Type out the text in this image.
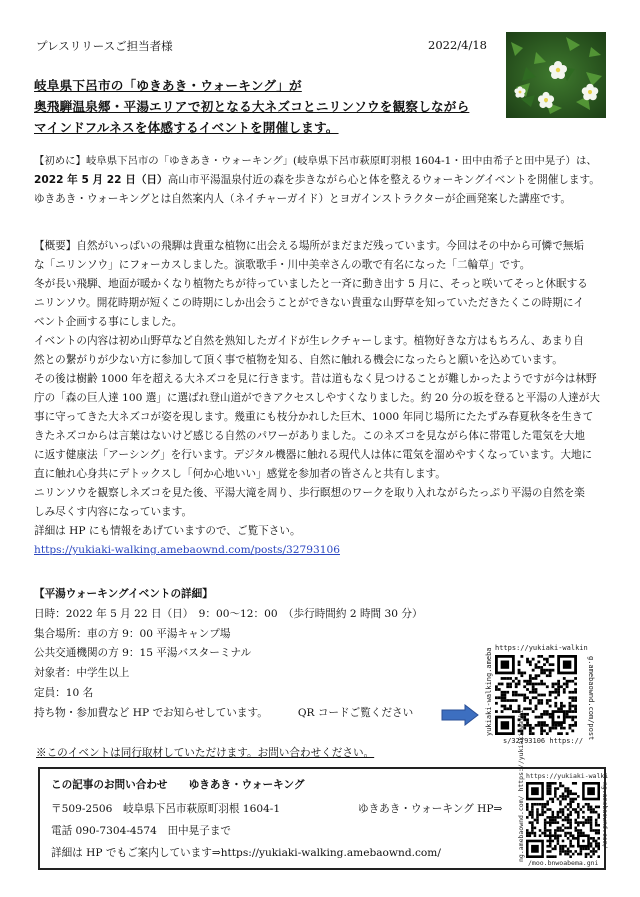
プレスリリースご担当者様	2022/4/18
岐阜県下呂市の「ゆきあき・ウォーキング」が
奥飛騨温泉郷・平湯エリアで初となる大ネズコとニリンソウを観察しながら
マインドフルネスを体感するイベントを開催します。

【初めに】岐阜県下呂市の「ゆきあき・ウォーキング」(岐阜県下呂市萩原町羽根 1604-1・田中由希子と田中晃子）は、

2022 年 5 月 22 日（日）高山市平湯温泉付近の森を歩きながら心と体を整えるウォーキングイベントを開催します。

ゆきあき・ウォーキングとは自然案内人（ネイチャーガイド）とヨガインストラクターが企画発案した講座です。

【概要】自然がいっぱいの飛騨は貴重な植物に出会える場所がまだまだ残っています。今回はその中から可憐で無垢

な「ニリンソウ」にフォーカスしました。演歌歌手・川中美幸さんの歌で有名になった「二輪草」です。

冬が長い飛騨、地面が暖かくなり植物たちが待っていましたと一斉に動き出す 5 月に、そっと咲いてそっと休眠する

ニリンソウ。開花時期が短くこの時期にしか出会うことができない貴重な山野草を知っていただきたくこの時期にイ

ベント企画する事にしました。

イベントの内容は初め山野草など自然を熟知したガイドが生レクチャーします。植物好きな方はもちろん、あまり自

然との繋がりが少ない方に参加して頂く事で植物を知る、自然に触れる機会になったらと願いを込めています。

その後は樹齢 1000 年を超える大ネズコを見に行きます。昔は道もなく見つけることが難しかったようですが今は林野

庁の「森の巨人達 100 選」に選ばれ登山道ができアクセスしやすくなりました。約 20 分の坂を登ると平湯の人達が大

事に守ってきた大ネズコが姿を現します。幾重にも枝分かれした巨木、1000 年同じ場所にたたずみ春夏秋冬を生きて

きたネズコからは言葉はないけど感じる自然のパワーがありました。このネズコを見ながら体に帯電した電気を大地

に返す健康法「アーシング」を行います。デジタル機器に触れる現代人は体に電気を溜めやすくなっています。大地に

直に触れ心身共にデトックスし「何か心地いい」感覚を参加者の皆さんと共有します。

ニリンソウを観察しネズコを見た後、平湯大滝を周り、歩行瞑想のワークを取り入れながらたっぷり平湯の自然を楽

しみ尽くす内容になっています。

詳細は HP にも情報をあげていますので、ご覧下さい。

https://yukiaki-walking.amebaownd.com/posts/32793106

【平湯ウォーキングイベントの詳細】
日時：2022 年 5 月 22 日（日）　9：00～12：00　（歩行時間約 2 時間 30 分）
集合場所：車の方 9：00 平湯キャンプ場
公共交通機関の方 9：15 平湯バスターミナル
対象者：中学生以上
定員：10 名
持ち物・参加費など HP でお知らせしています。	QR コードご覧ください
https://yukiaki-walkin
g.amebaownd.com/post
s/32793106 https://
yukiaki-walking.ameba
※このイベントは同行取材していただけます。お問い合わせください。
この記事のお問い合わせ　　ゆきあき・ウォーキング
〒509-2506　岐阜県下呂市萩原町羽根 1604-1	ゆきあき・ウォーキング HP⇒
電話 090-7304-4574　田中晃子まで
詳細は HP でもご案内しています⇒https://yukiaki-walking.amebaownd.com/
https://yukiaki-walki
ng.amebaownd.com/
/moo.bnwoabema.gni
ng.amebaownd.com/ https://yukiaki-walki
